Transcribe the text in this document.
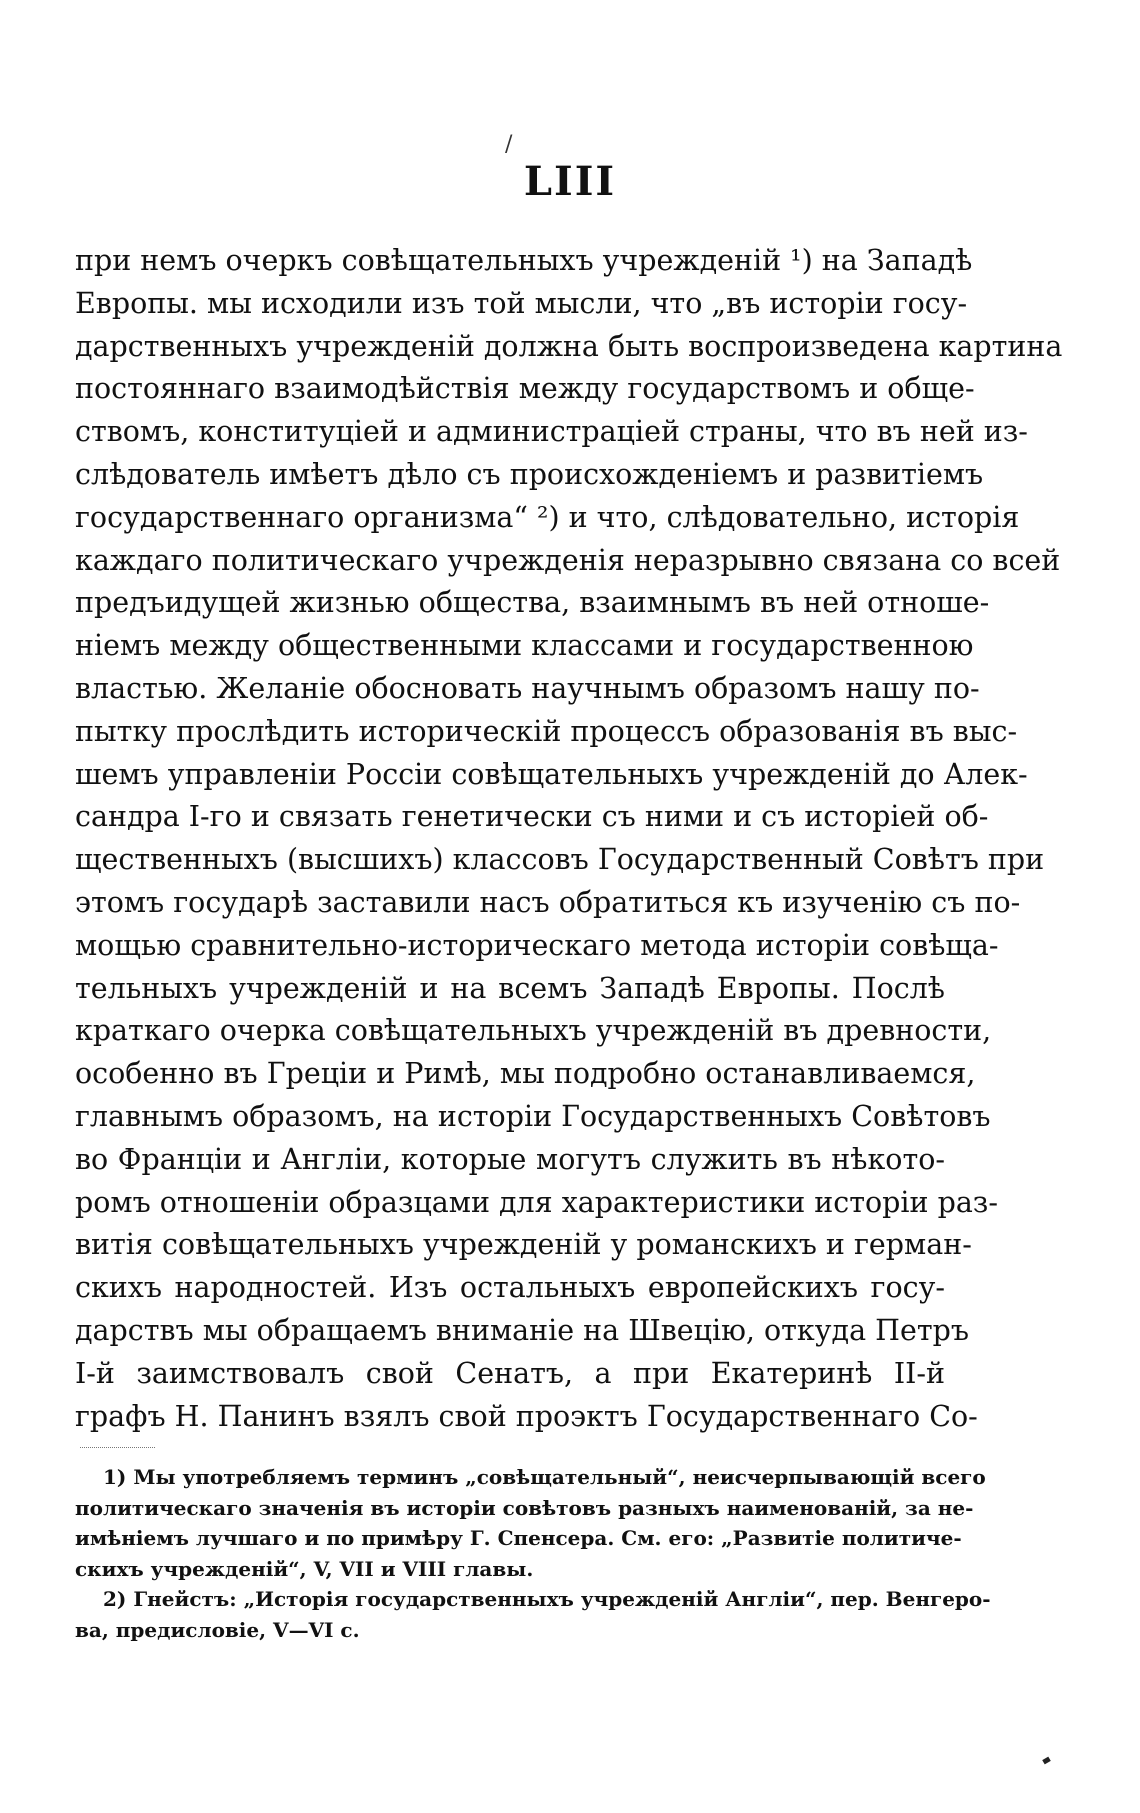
/
LIII
при немъ очеркъ совѣщательныхъ учрежденій ¹) на Западѣ
Европы. мы исходили изъ той мысли, что „въ исторіи госу-
дарственныхъ учрежденій должна быть воспроизведена картина
постояннаго взаимодѣйствія между государствомъ и обще-
ствомъ, конституціей и администраціей страны, что въ ней из-
слѣдователь имѣетъ дѣло съ происхожденіемъ и развитіемъ
государственнаго организма“ ²) и что, слѣдовательно, исторія
каждаго политическаго учрежденія неразрывно связана со всей
предъидущей жизнью общества, взаимнымъ въ ней отноше-
ніемъ между общественными классами и государственною
властью. Желаніе обосновать научнымъ образомъ нашу по-
пытку прослѣдить историческій процессъ образованія въ выс-
шемъ управленіи Россіи совѣщательныхъ учрежденій до Алек-
сандра І-го и связать генетически съ ними и съ исторіей об-
щественныхъ (высшихъ) классовъ Государственный Совѣтъ при
этомъ государѣ заставили насъ обратиться къ изученію съ по-
мощью сравнительно-историческаго метода исторіи совѣща-
тельныхъ учрежденій и на всемъ Западѣ Европы. Послѣ
краткаго очерка совѣщательныхъ учрежденій въ древности,
особенно въ Греціи и Римѣ, мы подробно останавливаемся,
главнымъ образомъ, на исторіи Государственныхъ Совѣтовъ
во Франціи и Англіи, которые могутъ служить въ нѣкото-
ромъ отношеніи образцами для характеристики исторіи раз-
витія совѣщательныхъ учрежденій у романскихъ и герман-
скихъ народностей. Изъ остальныхъ европейскихъ госу-
дарствъ мы обращаемъ вниманіе на Швецію, откуда Петръ
І-й заимствовалъ свой Сенатъ, а при Екатеринѣ ІІ-й
графъ Н. Панинъ взялъ свой проэктъ Государственнаго Со-
1) Мы употребляемъ терминъ „совѣщательный“, неисчерпывающій всего
политическаго значенія въ исторіи совѣтовъ разныхъ наименованій, за не-
имѣніемъ лучшаго и по примѣру Г. Спенсера. См. его: „Развитіе политиче-
скихъ учрежденій“, V, VII и VIII главы.
2) Гнейстъ: „Исторія государственныхъ учрежденій Англіи“, пер. Венгеро-
ва, предисловіе, V—VI с.
